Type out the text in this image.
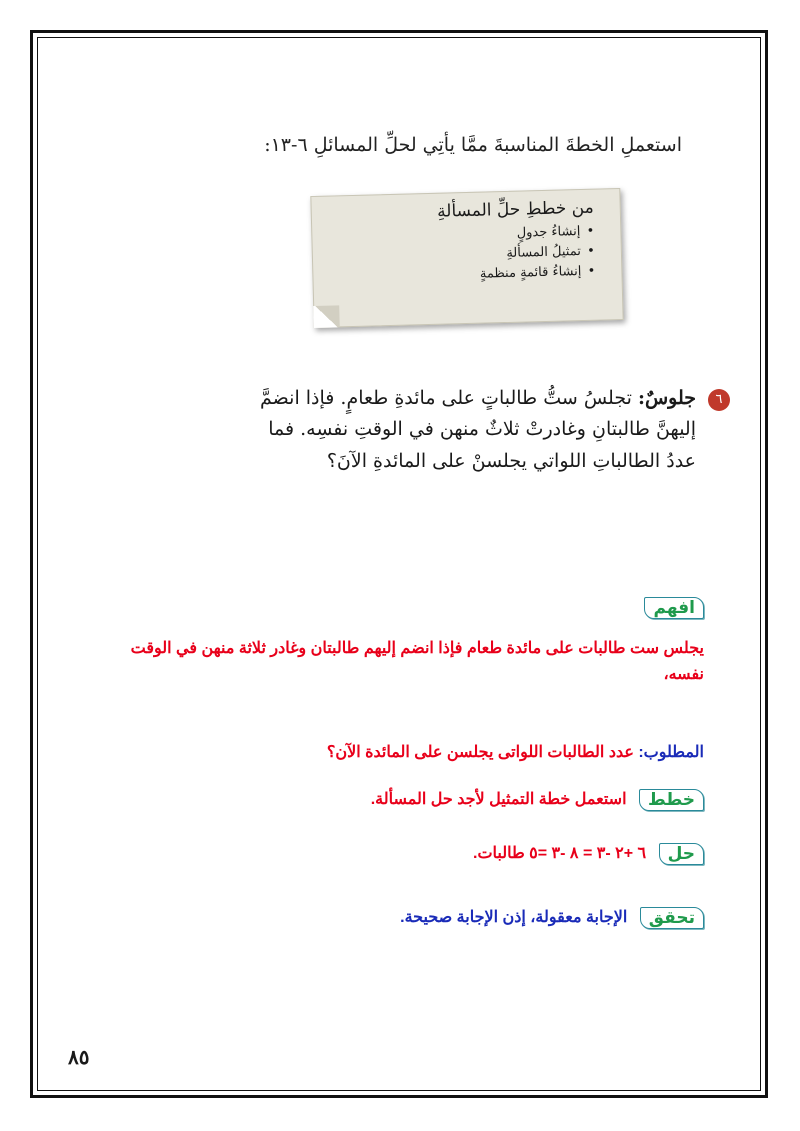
استعملِ الخطةَ المناسبةَ ممَّا يأتِي لحلِّ المسائلِ ٦-١٣:
من خططِ حلِّ المسألةِ
• إنشاءُ جدولٍ
• تمثيلُ المسألةِ
• إنشاءُ قائمةٍ منظمةٍ
٦
جلوسٌ: تجلسُ ستُّ طالباتٍ على مائدةِ طعامٍ. فإذا انضمَّ إليهنَّ طالبتانِ وغادرتْ ثلاثٌ منهن في الوقتِ نفسِه. فما عددُ الطالباتِ اللواتي يجلسنْ على المائدةِ الآنَ؟
افهم
يجلس ست طالبات على مائدة طعام فإذا انضم إليهم طالبتان وغادر ثلاثة منهن في الوقت نفسه،
المطلوب: عدد الطالبات اللواتى يجلسن على المائدة الآن؟
خطط استعمل خطة التمثيل لأجد حل المسألة.
حل ٦ +٢ -٣ = ٨ -٣ =٥ طالبات.
تحقق الإجابة معقولة، إذن الإجابة صحيحة.
٨٥
